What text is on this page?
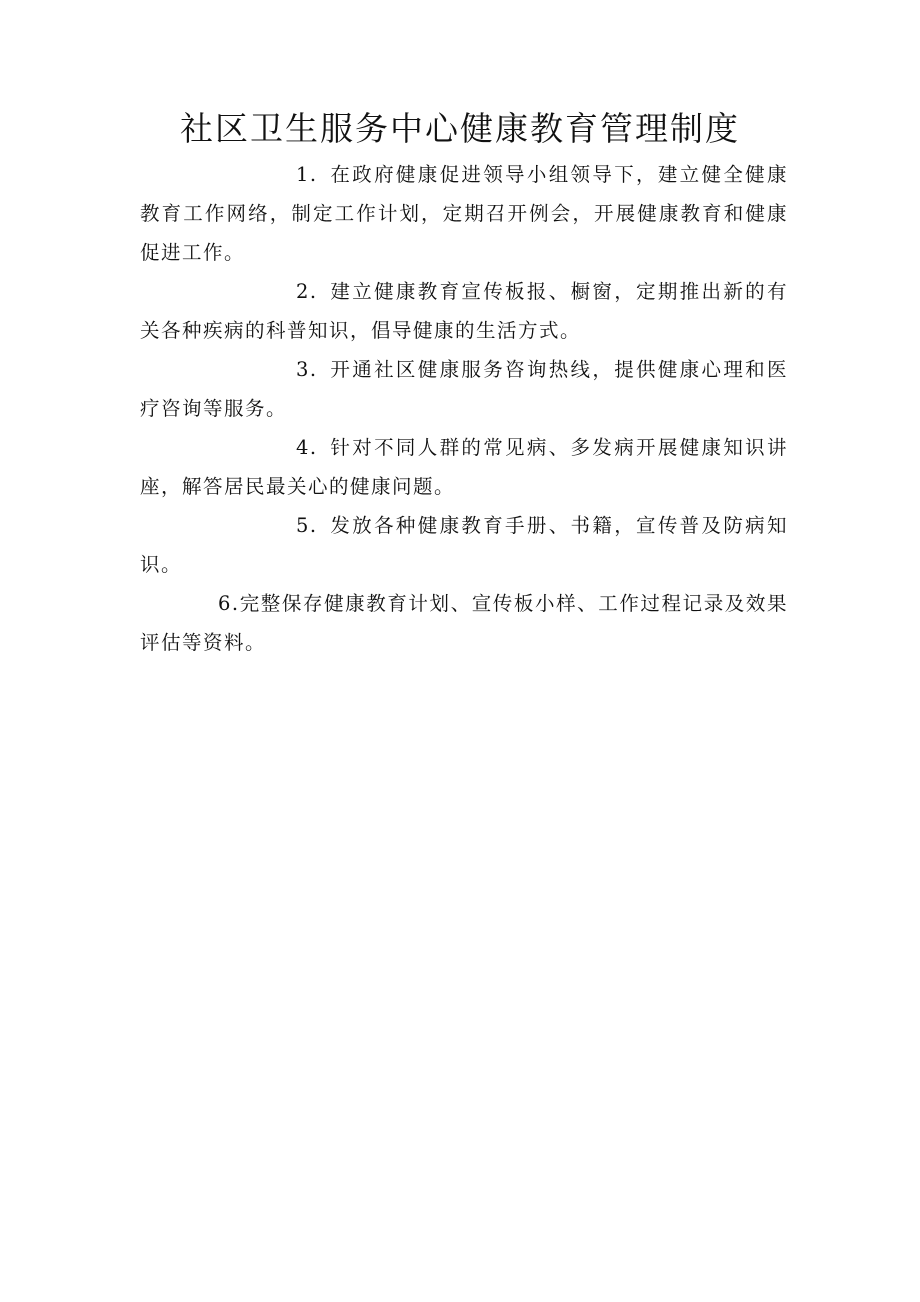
社区卫生服务中心健康教育管理制度

1. 在政府健康促进领导小组领导下，建立健全健康教育工作网络，制定工作计划，定期召开例会，开展健康教育和健康促进工作。

2. 建立健康教育宣传板报、橱窗，定期推出新的有关各种疾病的科普知识，倡导健康的生活方式。

3. 开通社区健康服务咨询热线，提供健康心理和医疗咨询等服务。

4. 针对不同人群的常见病、多发病开展健康知识讲座，解答居民最关心的健康问题。

5. 发放各种健康教育手册、书籍，宣传普及防病知识。

6.完整保存健康教育计划、宣传板小样、工作过程记录及效果评估等资料。
